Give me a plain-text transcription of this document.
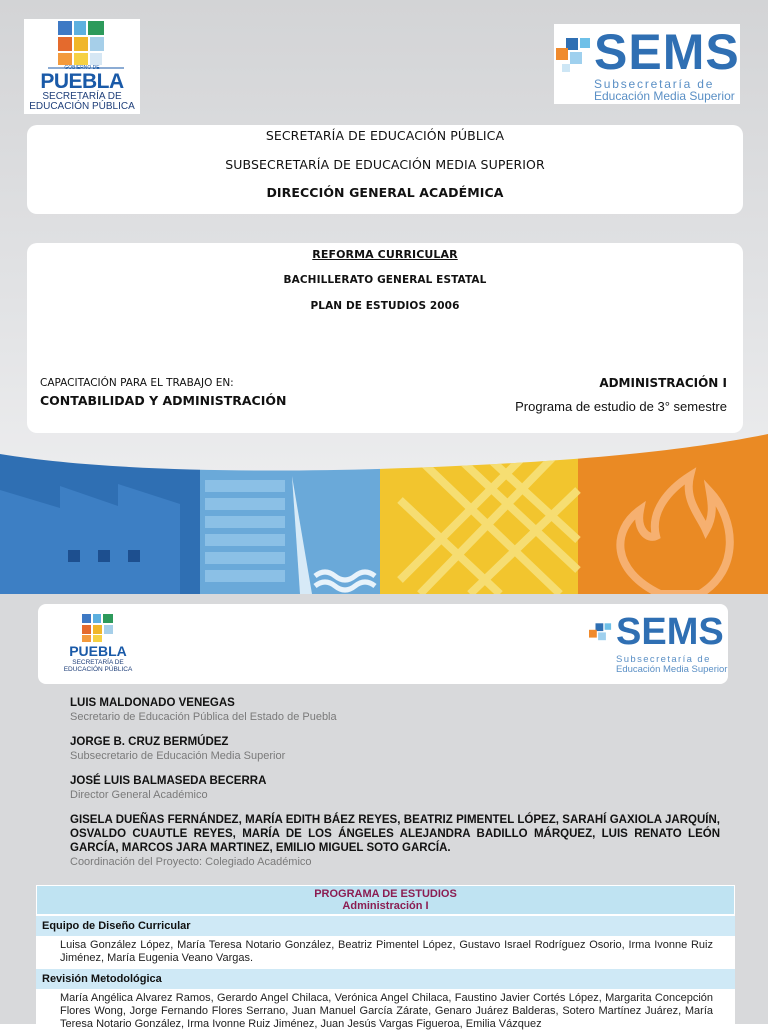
GOBIERNO DE
PUEBLA
SECRETARÍA DE
EDUCACIÓN PÚBLICA
SEMS
Subsecretaría de
Educación Media Superior
SECRETARÍA DE EDUCACIÓN PÚBLICA
SUBSECRETARÍA DE EDUCACIÓN MEDIA SUPERIOR
DIRECCIÓN GENERAL ACADÉMICA
REFORMA CURRICULAR
BACHILLERATO GENERAL ESTATAL
PLAN DE ESTUDIOS 2006
CAPACITACIÓN PARA EL TRABAJO EN:
CONTABILIDAD Y ADMINISTRACIÓN
ADMINISTRACIÓN I
Programa de estudio de 3° semestre
PUEBLA
SECRETARÍA DE
EDUCACIÓN PÚBLICA
SEMS
Subsecretaría de
Educación Media Superior
LUIS MALDONADO VENEGAS
Secretario de Educación Pública del Estado de Puebla
JORGE B. CRUZ BERMÚDEZ
Subsecretario de Educación Media Superior
JOSÉ LUIS BALMASEDA BECERRA
Director General Académico
GISELA DUEÑAS FERNÁNDEZ, MARÍA EDITH BÁEZ REYES, BEATRIZ PIMENTEL LÓPEZ, SARAHÍ GAXIOLA JARQUÍN, OSVALDO CUAUTLE REYES, MARÍA DE LOS ÁNGELES ALEJANDRA BADILLO MÁRQUEZ, LUIS RENATO LEÓN GARCÍA, MARCOS JARA MARTINEZ, EMILIO MIGUEL SOTO GARCÍA.
Coordinación del Proyecto: Colegiado Académico
PROGRAMA DE ESTUDIOS
Administración I
Equipo de Diseño Curricular
Luisa González López, María Teresa Notario González, Beatriz Pimentel López, Gustavo Israel Rodríguez Osorio, Irma Ivonne Ruiz Jiménez, María Eugenia Veano Vargas.
Revisión Metodológica
María Angélica Alvarez Ramos, Gerardo Angel Chilaca, Verónica Angel Chilaca, Faustino Javier Cortés López, Margarita Concepción Flores Wong, Jorge Fernando Flores Serrano, Juan Manuel García Zárate, Genaro Juárez Balderas, Sotero Martínez Juárez, María Teresa Notario González, Irma Ivonne Ruiz Jiménez, Juan Jesús Vargas Figueroa, Emilia Vázquez
